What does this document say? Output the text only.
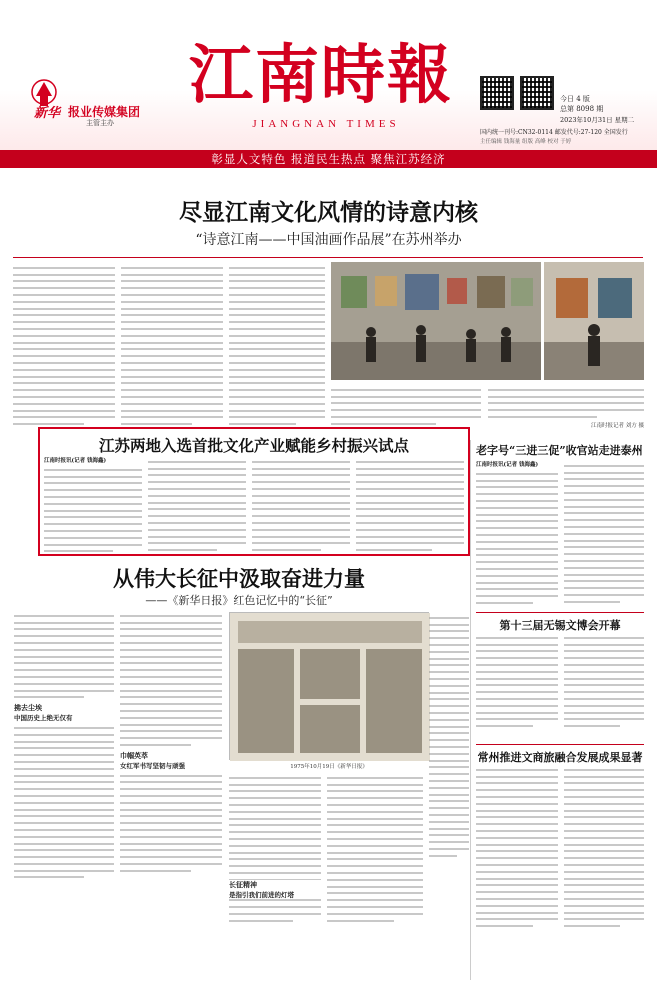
新华 报业传媒集团
主管主办
江南時報
JIANGNAN TIMES
今日 4 版
总第 8098 期
2023年10月31日 星期二
国内统一刊号:CN32-0114 邮发代号:27-120 全国发行
主任编辑 钱海量 组版 高峰 校对 于婷
彰显人文特色 报道民生热点 聚焦江苏经济
尽显江南文化风情的诗意内核
“诗意江南——中国油画作品展”在苏州举办
江南时报记者 刘方 摄
江苏两地入选首批文化产业赋能乡村振兴试点
江南时报讯(记者 钱海鑫)
老字号“三进三促”收官站走进泰州
江南时报讯(记者 钱海鑫)
从伟大长征中汲取奋进力量
——《新华日报》红色记忆中的“长征”
拂去尘埃
中国历史上绝无仅有
巾帼英萃
女红军书写坚韧与顽强	1975年10月19日《新华日报》
长征精神
是指引我们前进的灯塔
第十三届无锡文博会开幕
常州推进文商旅融合发展成果显著
